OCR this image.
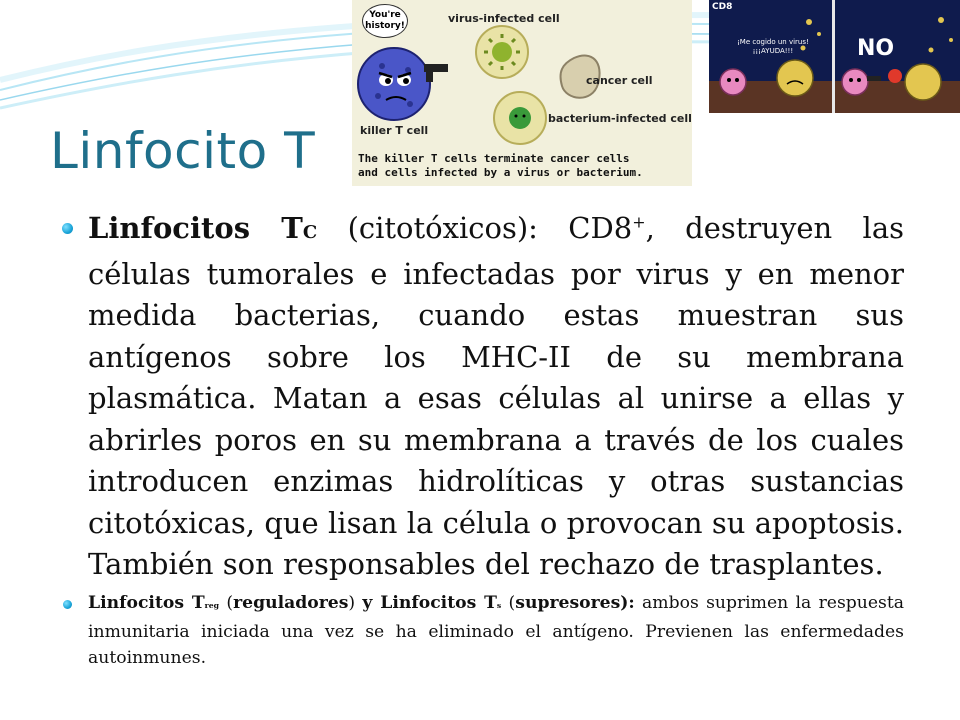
Linfocito T
You're history!
virus-infected cell
cancer cell
bacterium-infected cell
killer T cell
The killer T cells terminate cancer cells
and cells infected by a virus or bacterium.
CD8
¡Me cogido un virus!
¡¡¡AYUDA!!!	NO

Linfocitos TC (citotóxicos): CD8+, destruyen las células tumorales e infectadas por virus y en menor medida bacterias, cuando estas muestran sus antígenos sobre los MHC-II de su membrana plasmática. Matan a esas células al unirse a ellas y abrirles poros en su membrana a través de los cuales introducen enzimas hidrolíticas y otras sustancias citotóxicas, que lisan la célula o provocan su apoptosis. También son responsables del rechazo de trasplantes.

Linfocitos Treg (reguladores) y Linfocitos Ts (supresores): ambos suprimen la respuesta inmunitaria iniciada una vez se ha eliminado el antígeno. Previenen las enfermedades autoinmunes.
